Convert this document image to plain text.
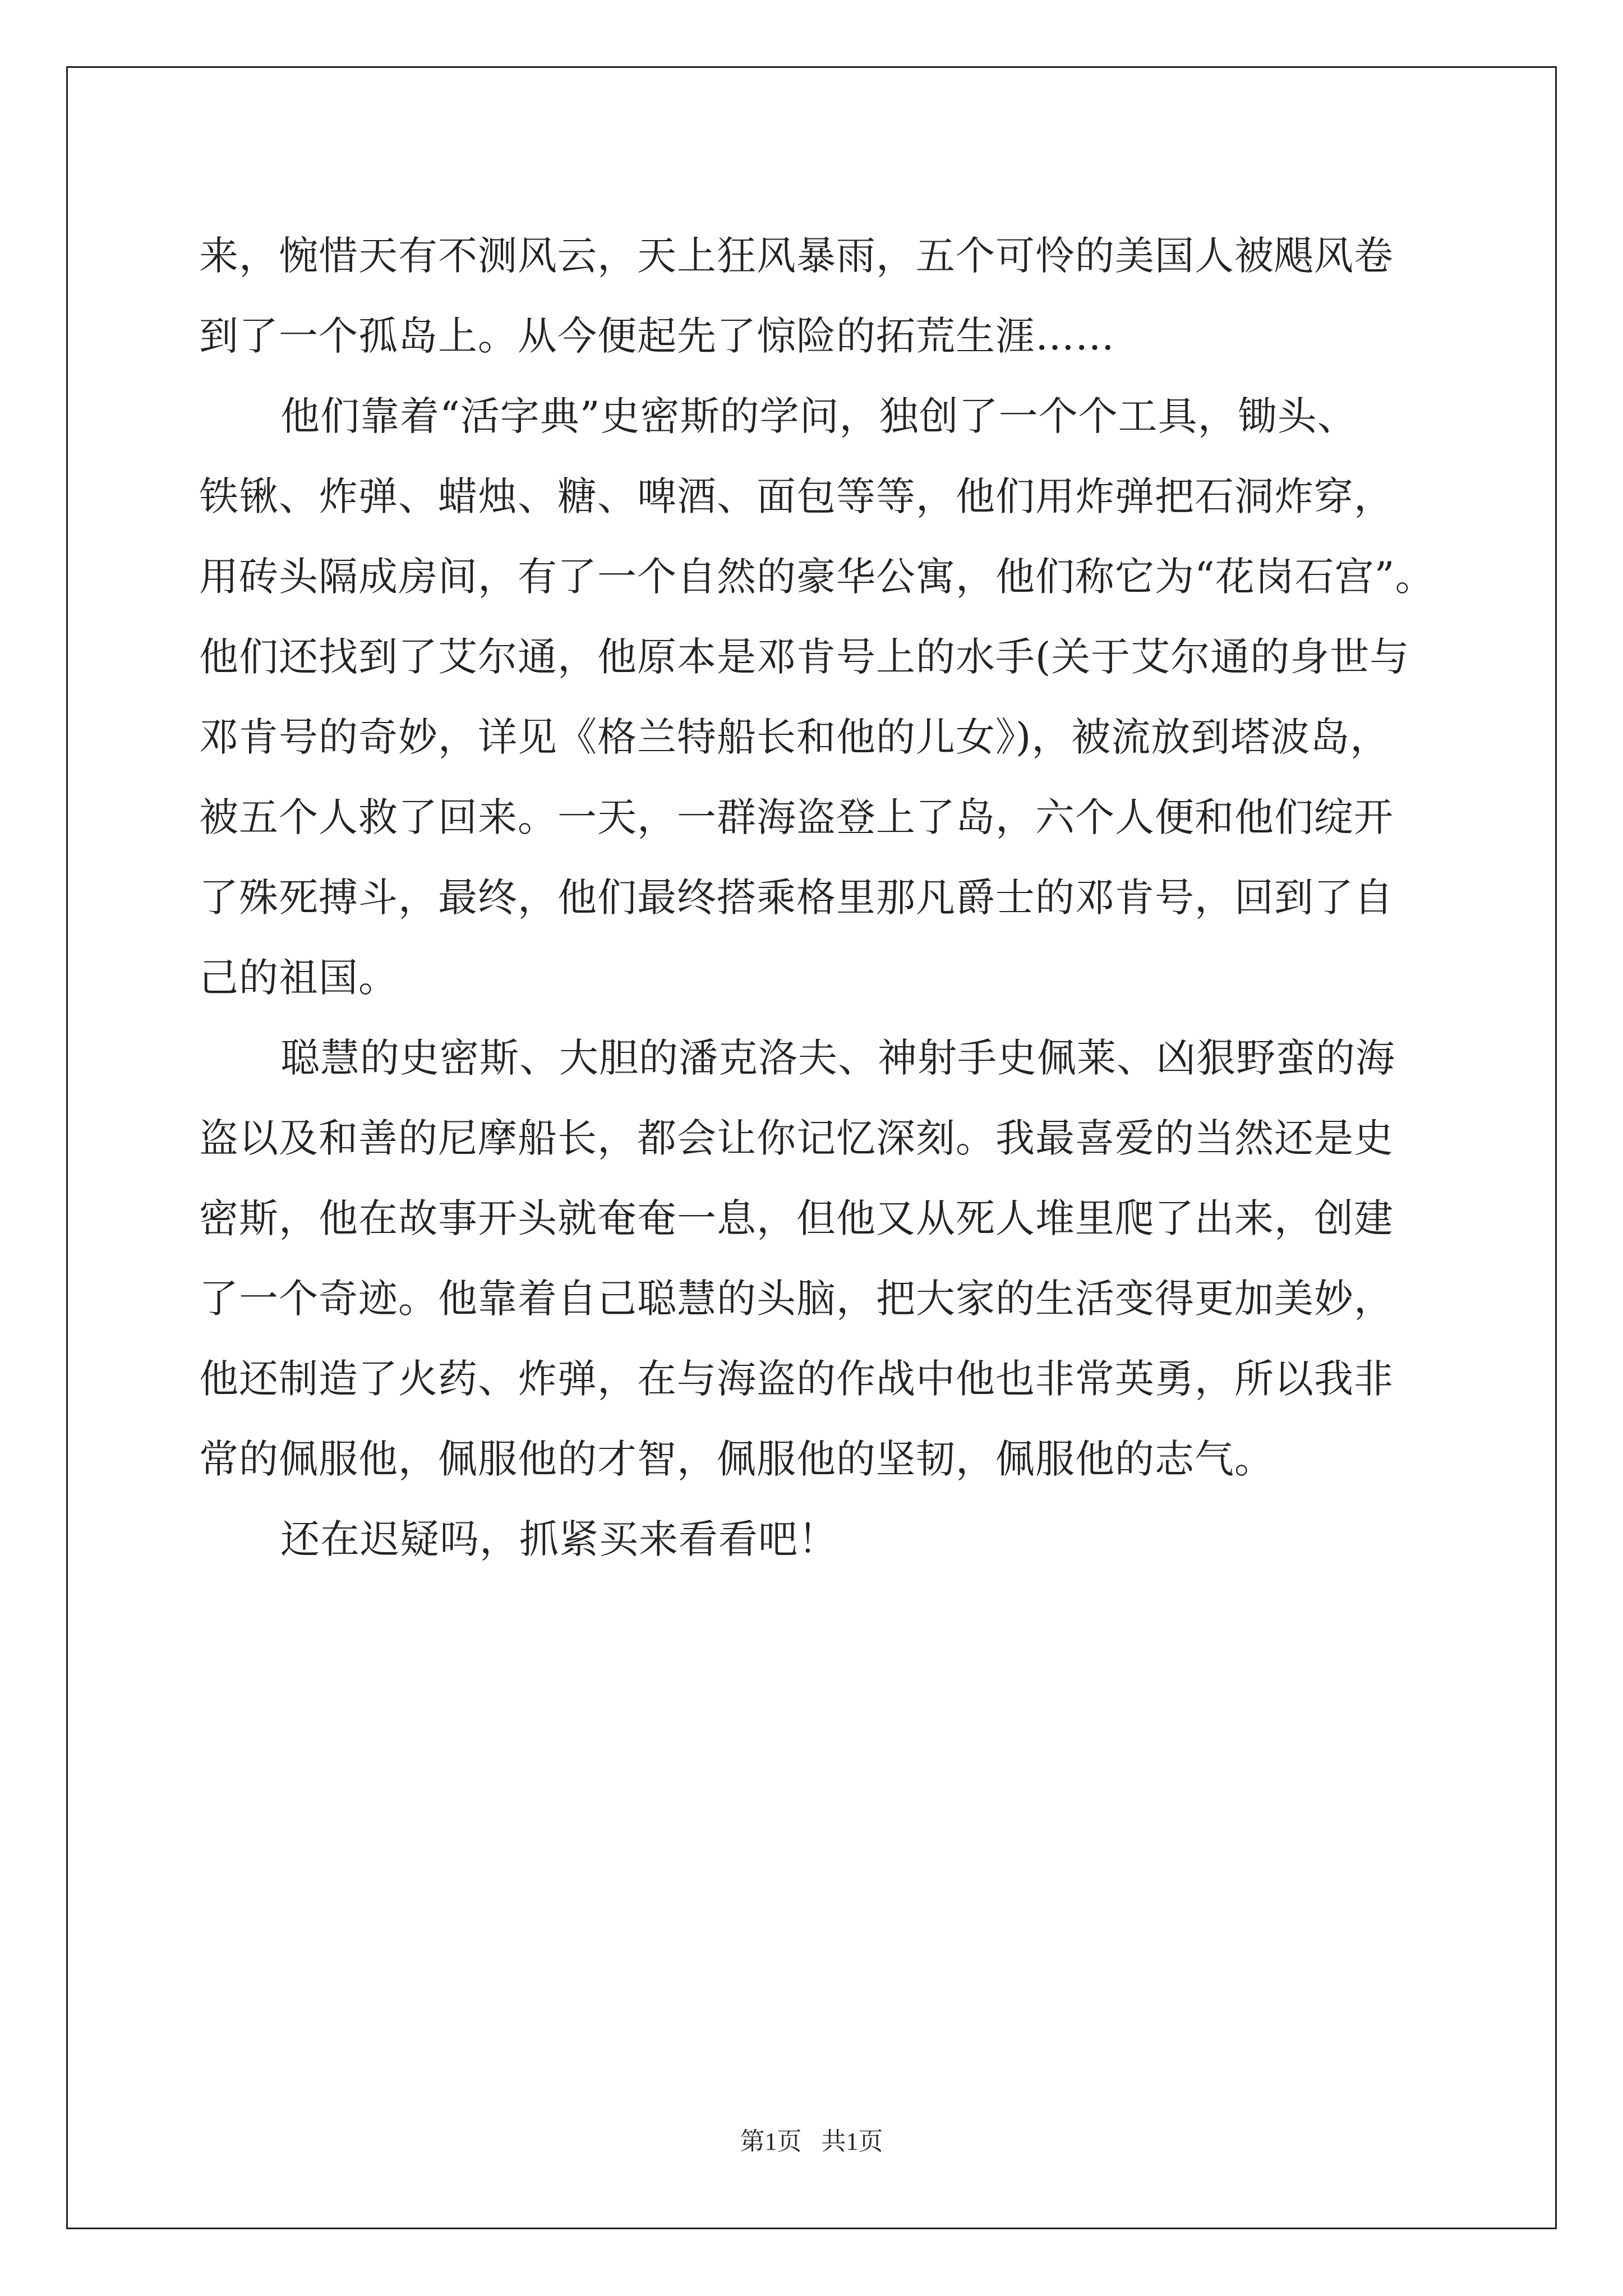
来，惋惜天有不测风云，天上狂风暴雨，五个可怜的美国人被飓风卷
到了一个孤岛上。从今便起先了惊险的拓荒生涯……
他们靠着“活字典”史密斯的学问，独创了一个个工具，锄头、
铁锹、炸弹、蜡烛、糖、啤酒、面包等等，他们用炸弹把石洞炸穿，
用砖头隔成房间，有了一个自然的豪华公寓，他们称它为“花岗石宫”。
他们还找到了艾尔通，他原本是邓肯号上的水手(关于艾尔通的身世与
邓肯号的奇妙，详见《格兰特船长和他的儿女》)，被流放到塔波岛，
被五个人救了回来。一天，一群海盗登上了岛，六个人便和他们绽开
了殊死搏斗，最终，他们最终搭乘格里那凡爵士的邓肯号，回到了自
己的祖国。
聪慧的史密斯、大胆的潘克洛夫、神射手史佩莱、凶狠野蛮的海
盗以及和善的尼摩船长，都会让你记忆深刻。我最喜爱的当然还是史
密斯，他在故事开头就奄奄一息，但他又从死人堆里爬了出来，创建
了一个奇迹。他靠着自己聪慧的头脑，把大家的生活变得更加美妙，
他还制造了火药、炸弹，在与海盗的作战中他也非常英勇，所以我非
常的佩服他，佩服他的才智，佩服他的坚韧，佩服他的志气。
还在迟疑吗，抓紧买来看看吧！
第1页 共1页
